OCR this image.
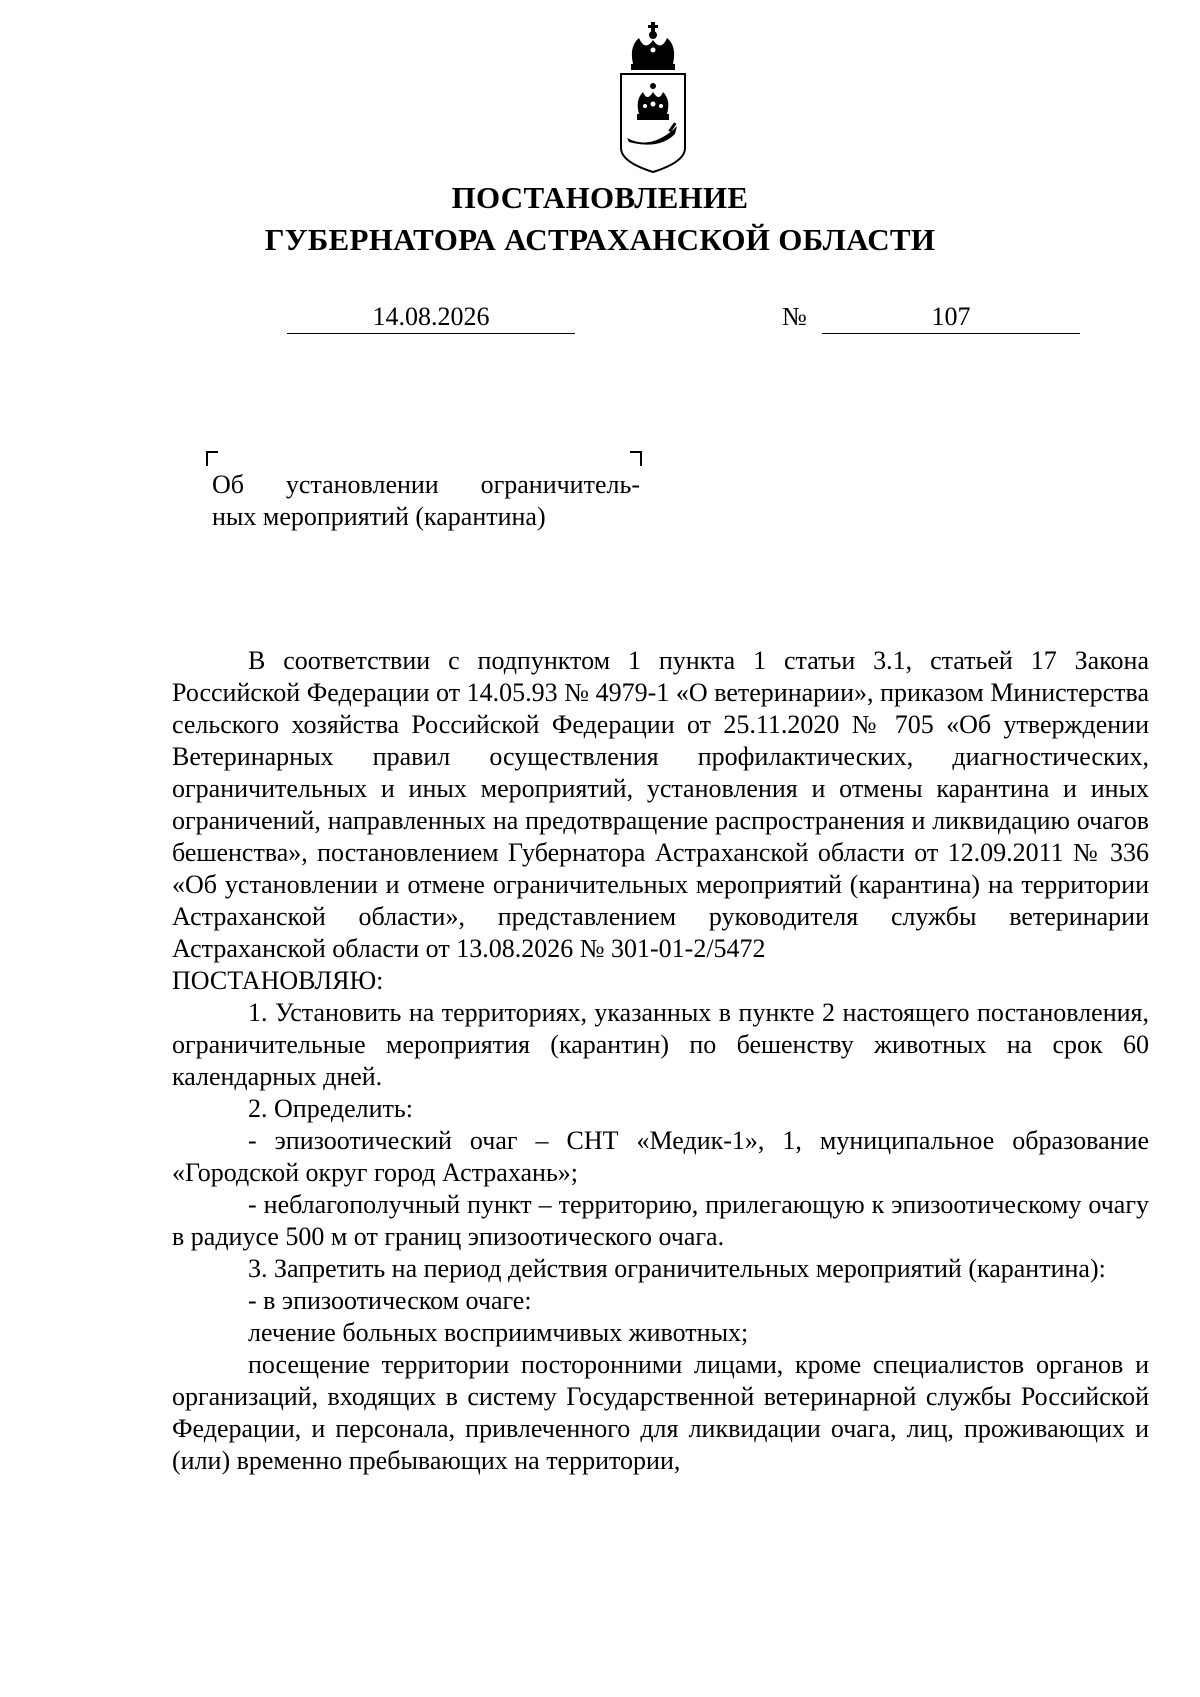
ПОСТАНОВЛЕНИЕ
ГУБЕРНАТОРА АСТРАХАНСКОЙ ОБЛАСТИ
14.08.2026	№	107
Об установлении ограничитель-
ных мероприятий (карантина)

В соответствии с подпунктом 1 пункта 1 статьи 3.1, статьей 17 Закона Российской Федерации от 14.05.93 № 4979-1 «О ветеринарии», приказом Министерства сельского хозяйства Российской Федерации от 25.11.2020 № 705 «Об утверждении Ветеринарных правил осуществления профилактических, диагностических, ограничительных и иных мероприятий, установления и отмены карантина и иных ограничений, направленных на предотвращение распространения и ликвидацию очагов бешенства», постановлением Губернатора Астраханской области от 12.09.2011 № 336 «Об установлении и отмене ограничительных мероприятий (карантина) на территории Астраханской области», представлением руководителя службы ветеринарии Астраханской области от 13.08.2026 № 301-01-2/5472

ПОСТАНОВЛЯЮ:

1. Установить на территориях, указанных в пункте 2 настоящего постановления, ограничительные мероприятия (карантин) по бешенству животных на срок 60 календарных дней.

2. Определить:

- эпизоотический очаг – СНТ «Медик-1», 1, муниципальное образование «Городской округ город Астрахань»;

- неблагополучный пункт – территорию, прилегающую к эпизоотическому очагу в радиусе 500 м от границ эпизоотического очага.

3. Запретить на период действия ограничительных мероприятий (карантина):

- в эпизоотическом очаге:

лечение больных восприимчивых животных;

посещение территории посторонними лицами, кроме специалистов органов и организаций, входящих в систему Государственной ветеринарной службы Российской Федерации, и персонала, привлеченного для ликвидации очага, лиц, проживающих и (или) временно пребывающих на территории,
